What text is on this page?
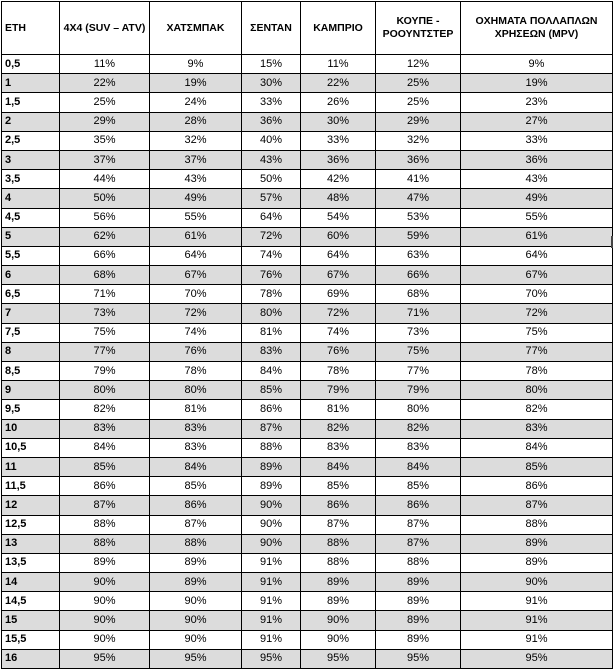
ΕΤΗ	4Χ4 (SUV – ATV)	ΧΑΤΣΜΠΑΚ	ΣΕΝΤΑΝ	ΚΑΜΠΡΙΟ	ΚΟΥΠΕ - ΡΟΟΥΝΤΣΤΕΡ	ΟΧΗΜΑΤΑ ΠΟΛΛΑΠΛΩΝ ΧΡΗΣΕΩΝ (MPV)
0,5	11%	9%	15%	11%	12%	9%
1	22%	19%	30%	22%	25%	19%
1,5	25%	24%	33%	26%	25%	23%
2	29%	28%	36%	30%	29%	27%
2,5	35%	32%	40%	33%	32%	33%
3	37%	37%	43%	36%	36%	36%
3,5	44%	43%	50%	42%	41%	43%
4	50%	49%	57%	48%	47%	49%
4,5	56%	55%	64%	54%	53%	55%
5	62%	61%	72%	60%	59%	61%
5,5	66%	64%	74%	64%	63%	64%
6	68%	67%	76%	67%	66%	67%
6,5	71%	70%	78%	69%	68%	70%
7	73%	72%	80%	72%	71%	72%
7,5	75%	74%	81%	74%	73%	75%
8	77%	76%	83%	76%	75%	77%
8,5	79%	78%	84%	78%	77%	78%
9	80%	80%	85%	79%	79%	80%
9,5	82%	81%	86%	81%	80%	82%
10	83%	83%	87%	82%	82%	83%
10,5	84%	83%	88%	83%	83%	84%
11	85%	84%	89%	84%	84%	85%
11,5	86%	85%	89%	85%	85%	86%
12	87%	86%	90%	86%	86%	87%
12,5	88%	87%	90%	87%	87%	88%
13	88%	88%	90%	88%	87%	89%
13,5	89%	89%	91%	88%	88%	89%
14	90%	89%	91%	89%	89%	90%
14,5	90%	90%	91%	89%	89%	91%
15	90%	90%	91%	90%	89%	91%
15,5	90%	90%	91%	90%	89%	91%
16	95%	95%	95%	95%	95%	95%
